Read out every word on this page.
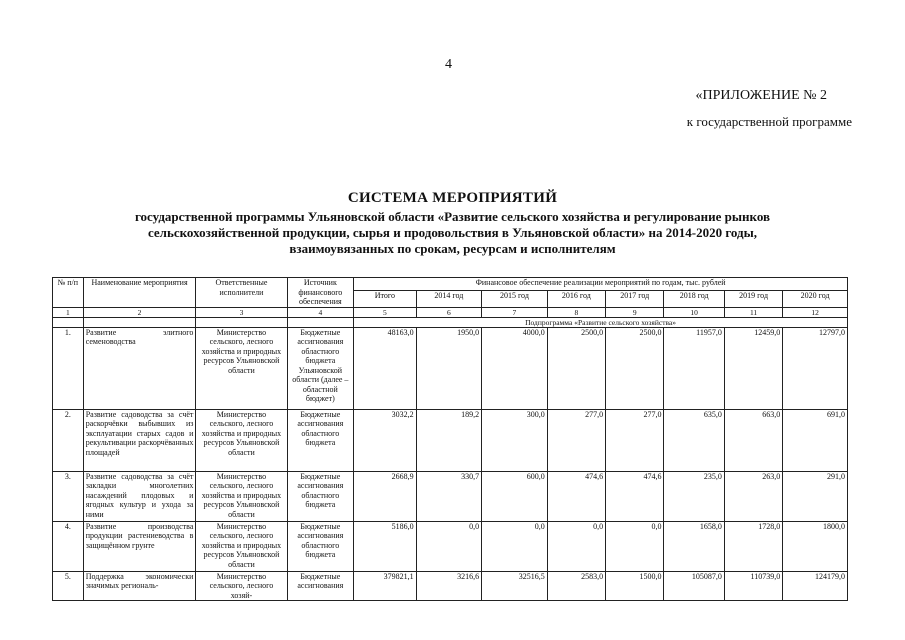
4
«ПРИЛОЖЕНИЕ № 2
к государственной программе
СИСТЕМА МЕРОПРИЯТИЙ
государственной программы Ульяновской области «Развитие сельского хозяйства и регулирование рынков
сельскохозяйственной продукции, сырья и продовольствия в Ульяновской области» на 2014-2020 годы,
взаимоувязанных по срокам, ресурсам и исполнителям
№ п/п	Наименование мероприятия	Ответственные исполнители	Источник финансового обеспечения	Финансовое обеспечение реализации мероприятий по годам, тыс. рублей							
				Итого	2014 год	2015 год	2016 год	2017 год	2018 год	2019 год	2020 год
1	2	3	4	5	6	7	8	9	10	11	12
				Подпрограмма «Развитие сельского хозяйства»							
1.	Развитие элитного семеноводства	Министерство сельского, лесного хозяйства и природных ресурсов Ульяновской области	Бюджетные ассигнования областного бюджета Ульяновской области (далее – областной бюджет)	48163,0	1950,0	4000,0	2500,0	2500,0	11957,0	12459,0	12797,0
2.	Развитие садоводства за счёт раскорчёвки выбывших из эксплуатации старых садов и рекультивации раскорчёванных площадей	Министерство сельского, лесного хозяйства и природных ресурсов Ульяновской области	Бюджетные ассигнования областного бюджета	3032,2	189,2	300,0	277,0	277,0	635,0	663,0	691,0
3.	Развитие садоводства за счёт закладки многолетних насаждений плодовых и ягодных культур и ухода за ними	Министерство сельского, лесного хозяйства и природных ресурсов Ульяновской области	Бюджетные ассигнования областного бюджета	2668,9	330,7	600,0	474,6	474,6	235,0	263,0	291,0
4.	Развитие производства продукции растениеводства в защищённом грунте	Министерство сельского, лесного хозяйства и природных ресурсов Ульяновской области	Бюджетные ассигнования областного бюджета	5186,0	0,0	0,0	0,0	0,0	1658,0	1728,0	1800,0
5.	Поддержка экономически значимых региональ-	Министерство сельского, лесного хозяй-	Бюджетные ассигнования	379821,1	3216,6	32516,5	2583,0	1500,0	105087,0	110739,0	124179,0
